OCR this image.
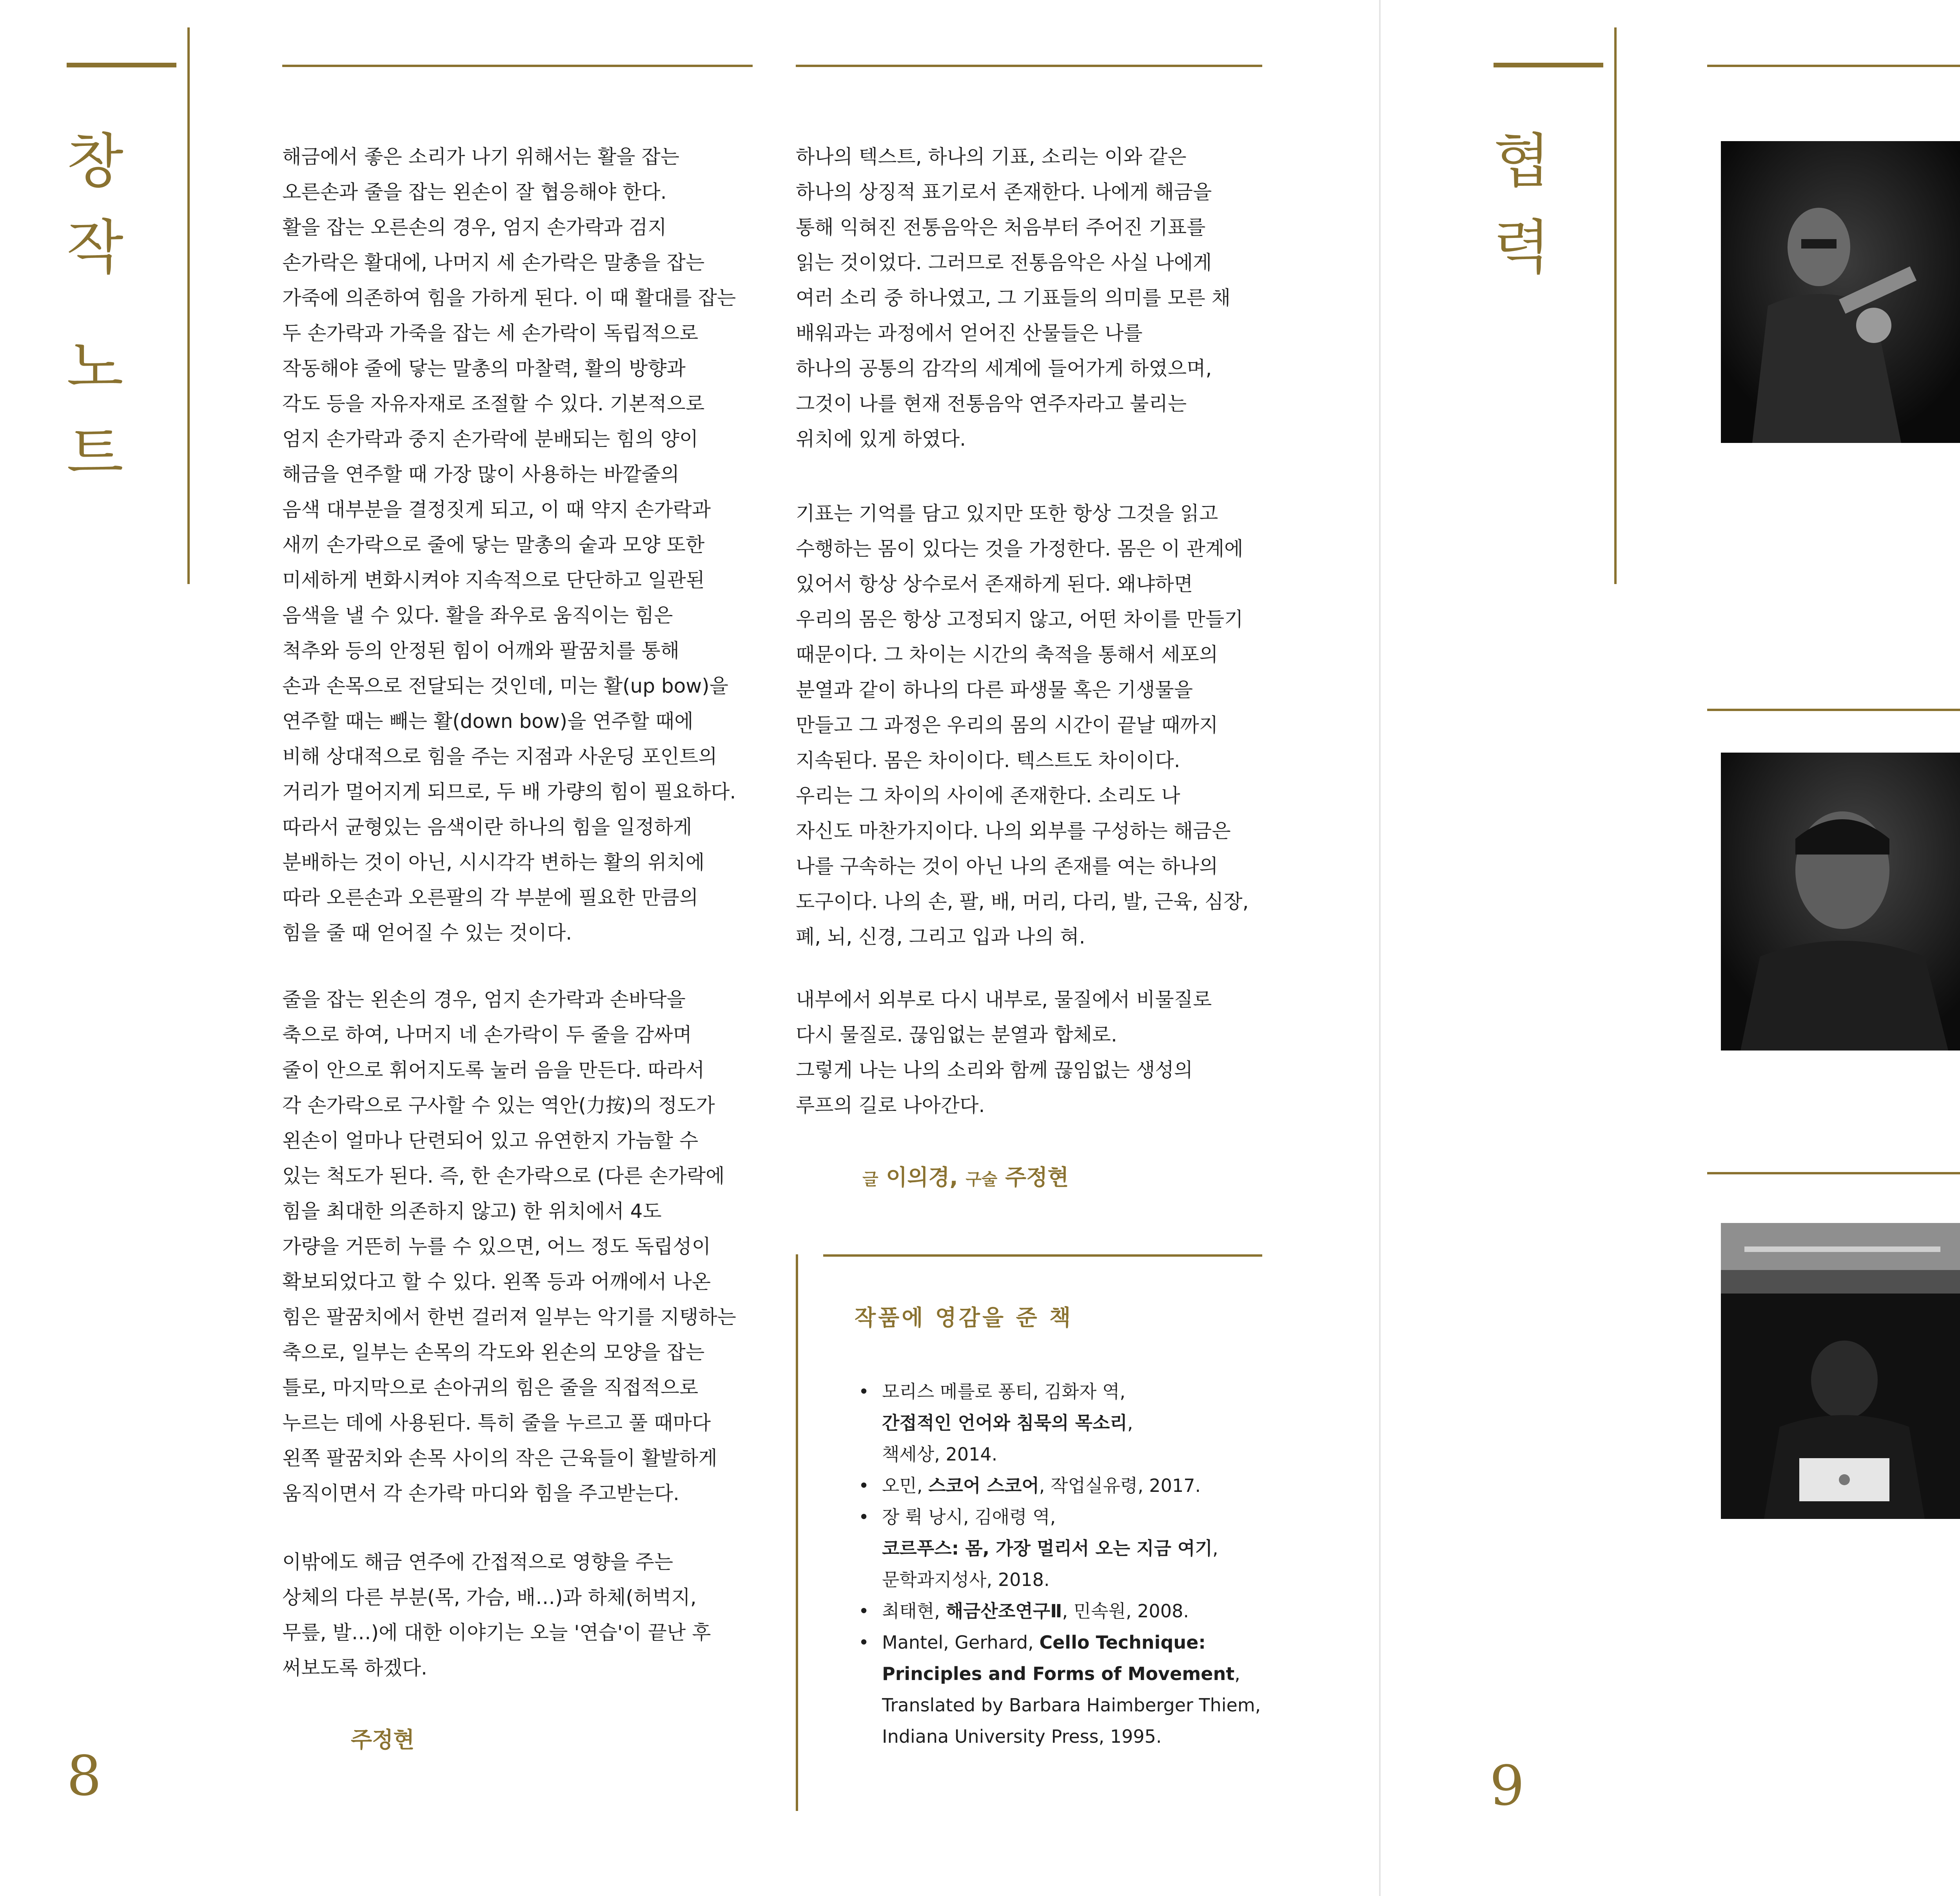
창
작
노
트
8
해금에서 좋은 소리가 나기 위해서는 활을 잡는
오른손과 줄을 잡는 왼손이 잘 협응해야 한다.
활을 잡는 오른손의 경우, 엄지 손가락과 검지
손가락은 활대에, 나머지 세 손가락은 말총을 잡는
가죽에 의존하여 힘을 가하게 된다. 이 때 활대를 잡는
두 손가락과 가죽을 잡는 세 손가락이 독립적으로
작동해야 줄에 닿는 말총의 마찰력, 활의 방향과
각도 등을 자유자재로 조절할 수 있다. 기본적으로
엄지 손가락과 중지 손가락에 분배되는 힘의 양이
해금을 연주할 때 가장 많이 사용하는 바깥줄의
음색 대부분을 결정짓게 되고, 이 때 약지 손가락과
새끼 손가락으로 줄에 닿는 말총의 숱과 모양 또한
미세하게 변화시켜야 지속적으로 단단하고 일관된
음색을 낼 수 있다. 활을 좌우로 움직이는 힘은
척추와 등의 안정된 힘이 어깨와 팔꿈치를 통해
손과 손목으로 전달되는 것인데, 미는 활(up bow)을
연주할 때는 빼는 활(down bow)을 연주할 때에
비해 상대적으로 힘을 주는 지점과 사운딩 포인트의
거리가 멀어지게 되므로, 두 배 가량의 힘이 필요하다.
따라서 균형있는 음색이란 하나의 힘을 일정하게
분배하는 것이 아닌, 시시각각 변하는 활의 위치에
따라 오른손과 오른팔의 각 부분에 필요한 만큼의
힘을 줄 때 얻어질 수 있는 것이다.
줄을 잡는 왼손의 경우, 엄지 손가락과 손바닥을
축으로 하여, 나머지 네 손가락이 두 줄을 감싸며
줄이 안으로 휘어지도록 눌러 음을 만든다. 따라서
각 손가락으로 구사할 수 있는 역안(力按)의 정도가
왼손이 얼마나 단련되어 있고 유연한지 가늠할 수
있는 척도가 된다. 즉, 한 손가락으로 (다른 손가락에
힘을 최대한 의존하지 않고) 한 위치에서 4도
가량을 거뜬히 누를 수 있으면, 어느 정도 독립성이
확보되었다고 할 수 있다. 왼쪽 등과 어깨에서 나온
힘은 팔꿈치에서 한번 걸러져 일부는 악기를 지탱하는
축으로, 일부는 손목의 각도와 왼손의 모양을 잡는
틀로, 마지막으로 손아귀의 힘은 줄을 직접적으로
누르는 데에 사용된다. 특히 줄을 누르고 풀 때마다
왼쪽 팔꿈치와 손목 사이의 작은 근육들이 활발하게
움직이면서 각 손가락 마디와 힘을 주고받는다.
이밖에도 해금 연주에 간접적으로 영향을 주는
상체의 다른 부분(목, 가슴, 배…)과 하체(허벅지,
무릎, 발…)에 대한 이야기는 오늘 '연습'이 끝난 후
써보도록 하겠다.
주정현
하나의 텍스트, 하나의 기표, 소리는 이와 같은
하나의 상징적 표기로서 존재한다. 나에게 해금을
통해 익혀진 전통음악은 처음부터 주어진 기표를
읽는 것이었다. 그러므로 전통음악은 사실 나에게
여러 소리 중 하나였고, 그 기표들의 의미를 모른 채
배워과는 과정에서 얻어진 산물들은 나를
하나의 공통의 감각의 세계에 들어가게 하였으며,
그것이 나를 현재 전통음악 연주자라고 불리는
위치에 있게 하였다.
기표는 기억를 담고 있지만 또한 항상 그것을 읽고
수행하는 몸이 있다는 것을 가정한다. 몸은 이 관계에
있어서 항상 상수로서 존재하게 된다. 왜냐하면
우리의 몸은 항상 고정되지 않고, 어떤 차이를 만들기
때문이다. 그 차이는 시간의 축적을 통해서 세포의
분열과 같이 하나의 다른 파생물 혹은 기생물을
만들고 그 과정은 우리의 몸의 시간이 끝날 때까지
지속된다. 몸은 차이이다. 텍스트도 차이이다.
우리는 그 차이의 사이에 존재한다. 소리도 나
자신도 마찬가지이다. 나의 외부를 구성하는 해금은
나를 구속하는 것이 아닌 나의 존재를 여는 하나의
도구이다. 나의 손, 팔, 배, 머리, 다리, 발, 근육, 심장,
폐, 뇌, 신경, 그리고 입과 나의 혀.
내부에서 외부로 다시 내부로, 물질에서 비물질로
다시 물질로. 끊임없는 분열과 합체로.
그렇게 나는 나의 소리와 함께 끊임없는 생성의
루프의 길로 나아간다.
글 이의경, 구술 주정현
작품에 영감을 준 책
• 모리스 메를로 퐁티, 김화자 역,
간접적인 언어와 침묵의 목소리,
책세상, 2014.
• 오민, 스코어 스코어, 작업실유령, 2017.
• 장 뤽 낭시, 김애령 역,
코르푸스: 몸, 가장 멀리서 오는 지금 여기,
문학과지성사, 2018.
• 최태현, 해금산조연구Ⅱ, 민속원, 2008.
• Mantel, Gerhard, Cello Technique:
Principles and Forms of Movement,
Translated by Barbara Haimberger Thiem,
Indiana University Press, 1995.
협
력
9
